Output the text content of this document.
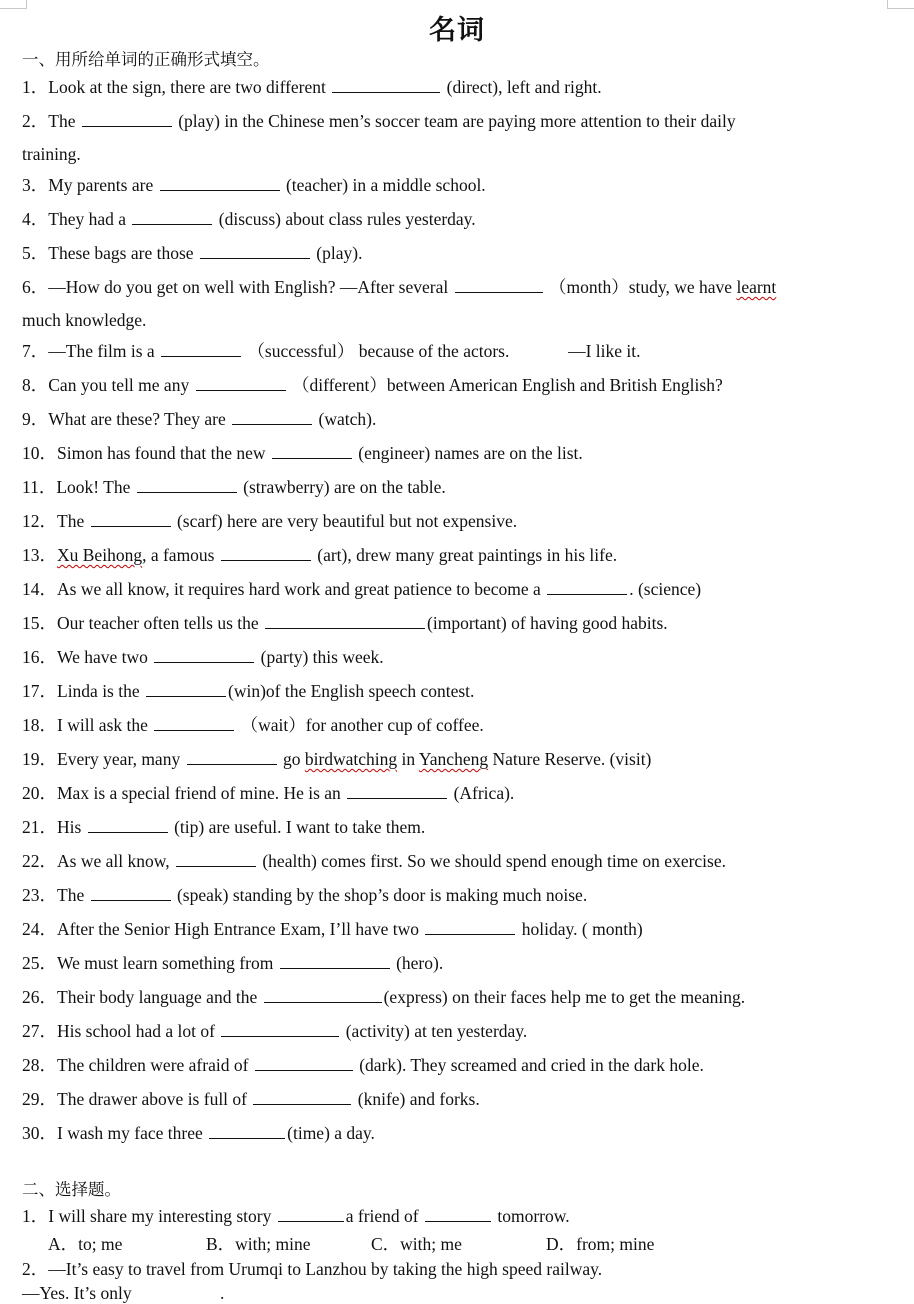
名词
一、用所给单词的正确形式填空。
1．Look at the sign, there are two different	(direct), left and right.
2．The	(play) in the Chinese men’s soccer team are paying more attention to their daily
training.
3．My parents are	(teacher) in a middle school.
4．They had a	(discuss) about class rules yesterday.
5．These bags are those	(play).
6．—How do you get on well with English? —After several	（month）study, we have learnt
much knowledge.
7．—The film is a	（successful） because of the actors.	—I like it.
8．Can you tell me any	（different）between American English and British English?
9．What are these? They are	(watch).
10．Simon has found that the new	(engineer) names are on the list.
11．Look! The	(strawberry) are on the table.
12．The	(scarf) here are very beautiful but not expensive.
13．Xu Beihong, a famous	(art), drew many great paintings in his life.
14．As we all know, it requires hard work and great patience to become a	. (science)
15．Our teacher often tells us the	(important) of having good habits.
16．We have two	(party) this week.
17．Linda is the	(win)of the English speech contest.
18．I will ask the	（wait）for another cup of coffee.
19．Every year, many	go birdwatching in Yancheng Nature Reserve. (visit)
20．Max is a special friend of mine. He is an	(Africa).
21．His	(tip) are useful. I want to take them.
22．As we all know,	(health) comes first. So we should spend enough time on exercise.
23．The	(speak) standing by the shop’s door is making much noise.
24．After the Senior High Entrance Exam, I’ll have two	holiday. ( month)
25．We must learn something from	(hero).
26．Their body language and the	(express) on their faces help me to get the meaning.
27．His school had a lot of	(activity) at ten yesterday.
28．The children were afraid of	(dark). They screamed and cried in the dark hole.
29．The drawer above is full of	(knife) and forks.
30．I wash my face three	(time) a day.
二、选择题。
1．I will share my interesting story	a friend of	tomorrow.
A．to; me	B．with; mine	C．with; me	D．from; mine
2．—It’s easy to travel from Urumqi to Lanzhou by taking the high speed railway.
—Yes. It’s only	.
